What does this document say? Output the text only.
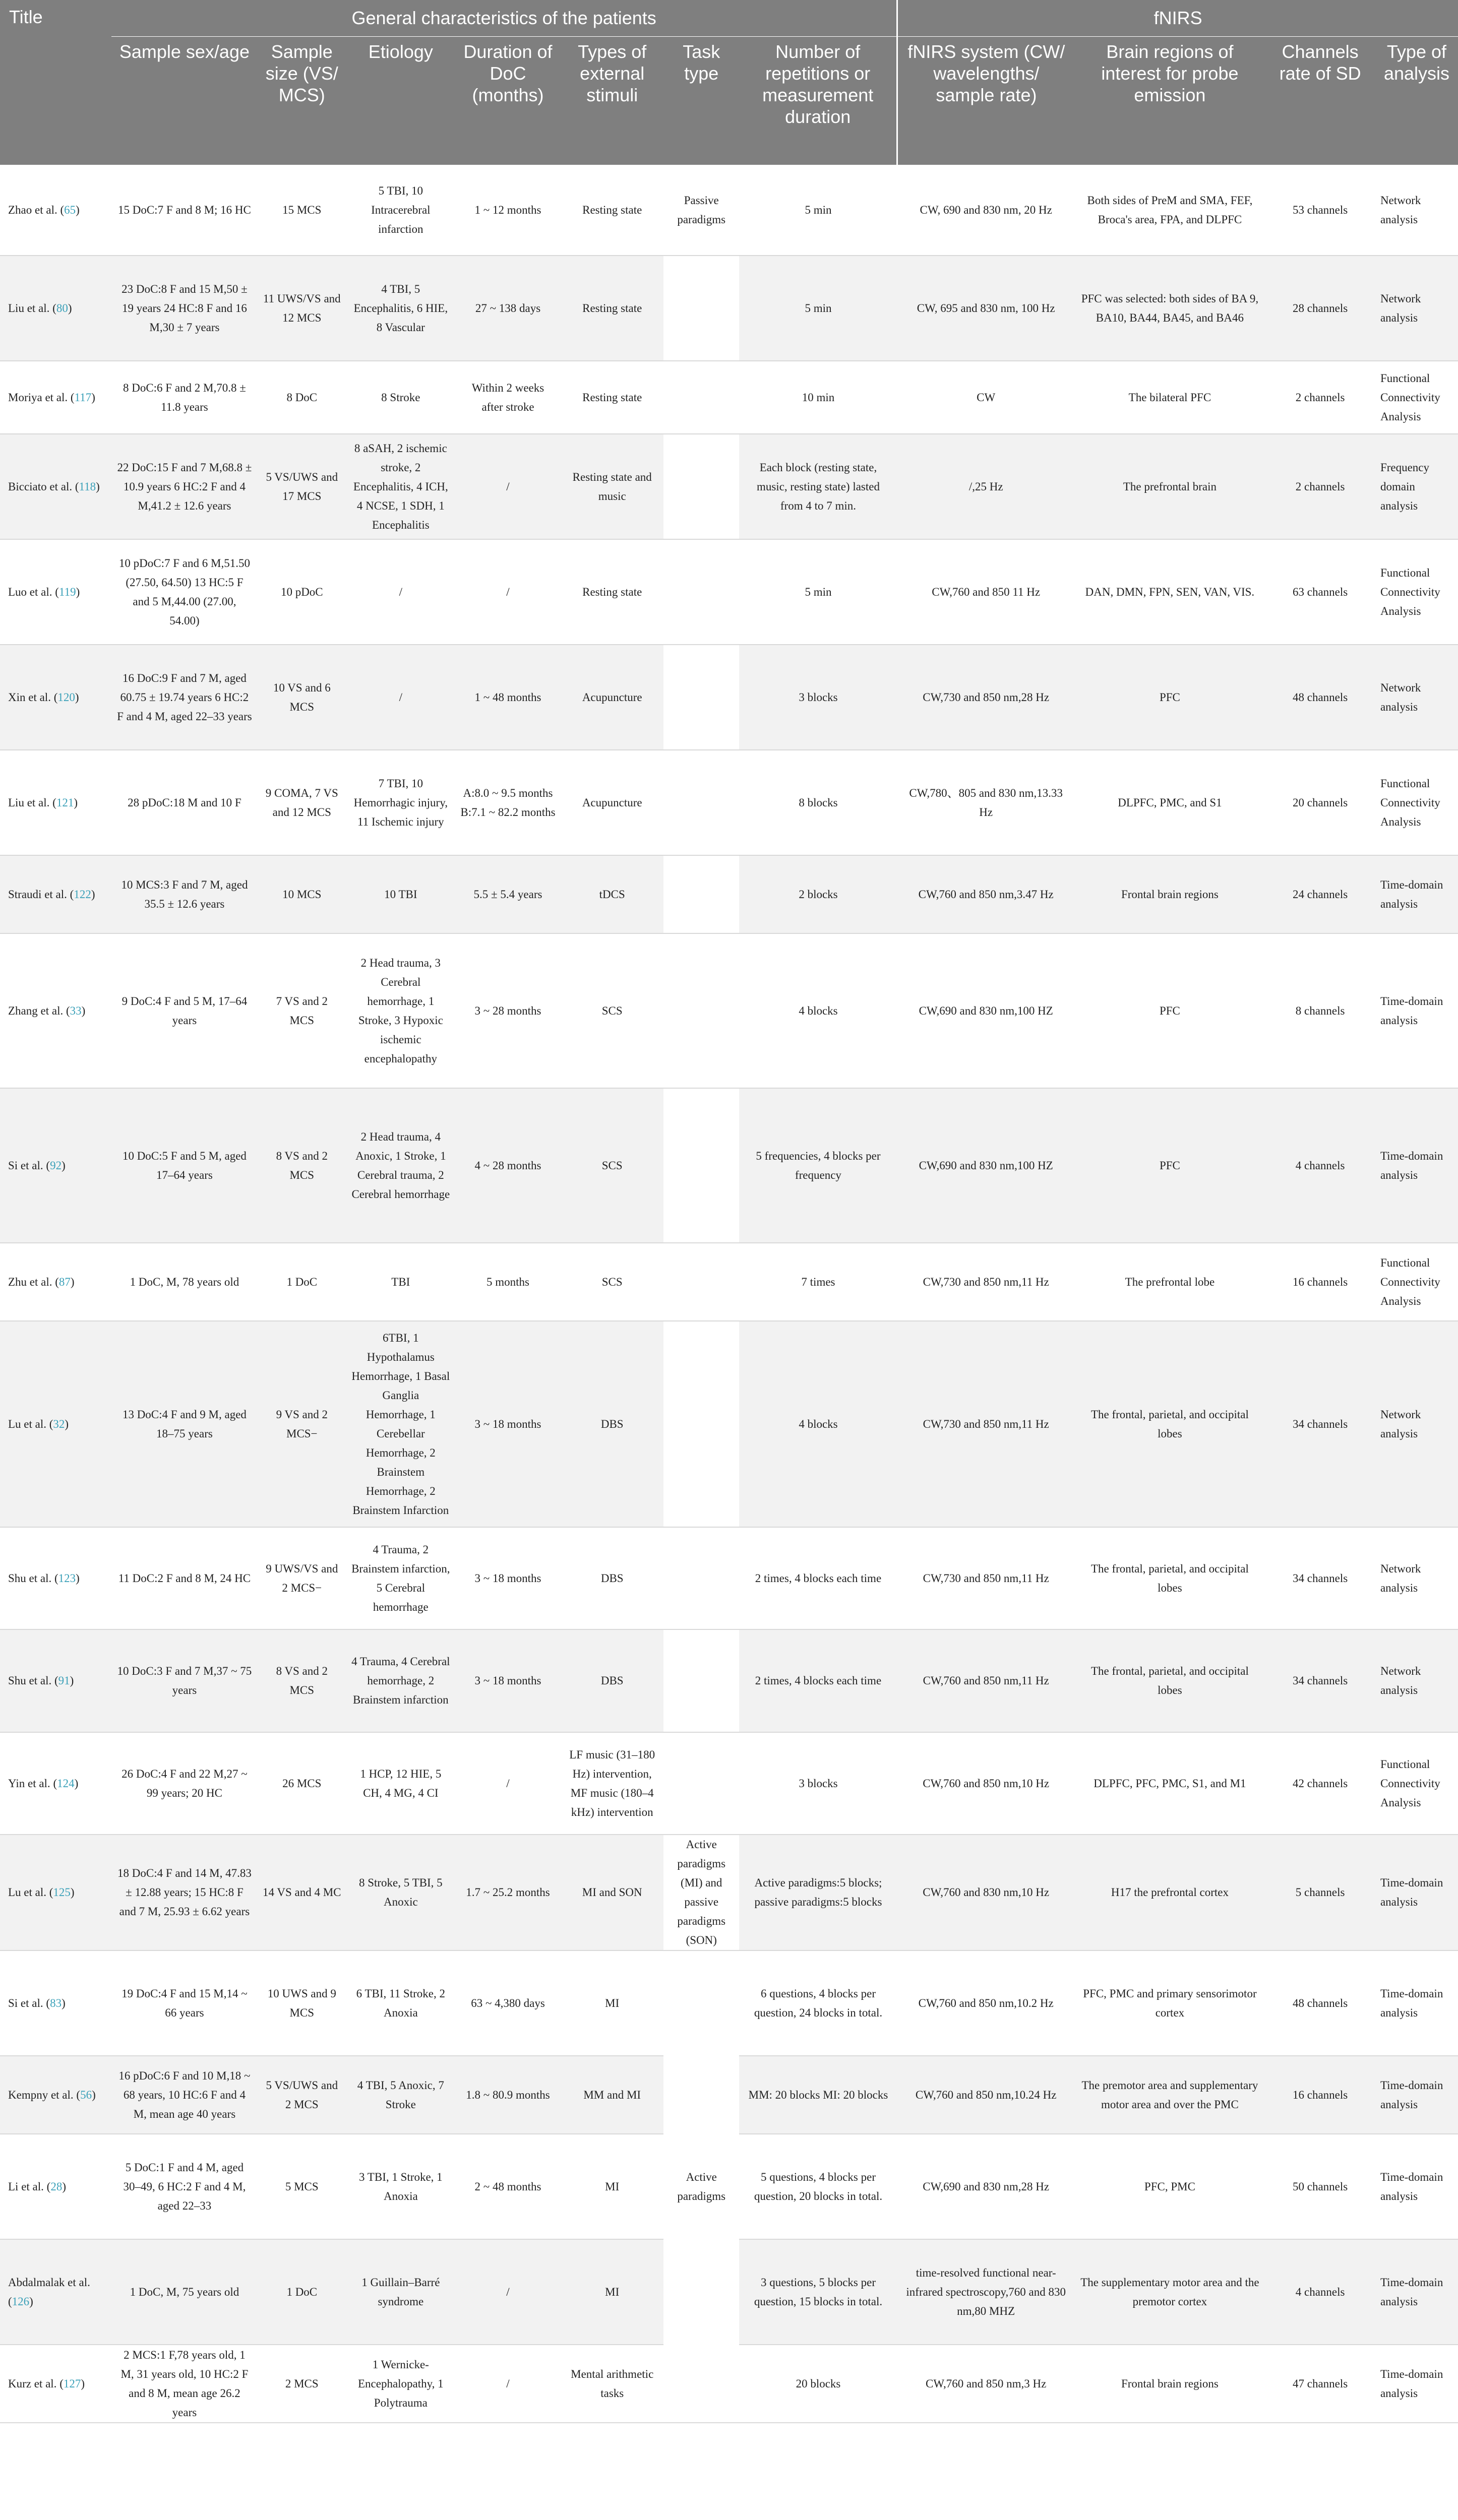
Title	General characteristics of the patients							fNIRS			
	Sample sex/age	Sample size (VS/ MCS)	Etiology	Duration of DoC (months)	Types of external stimuli	Task type	Number of repetitions or measurement duration	fNIRS system (CW/ wavelengths/ sample rate)	Brain regions of interest for probe emission	Channels rate of SD	Type of analysis
Zhao et al. (65)	15 DoC:7 F and 8 M; 16 HC	15 MCS	5 TBI, 10 Intracerebral infarction	1 ~ 12 months	Resting state	Passive paradigms	5 min	CW, 690 and 830 nm, 20 Hz	Both sides of PreM and SMA, FEF, Broca's area, FPA, and DLPFC	53 channels	Network analysis
Liu et al. (80)	23 DoC:8 F and 15 M,50 ± 19 years 24 HC:8 F and 16 M,30 ± 7 years	11 UWS/VS and 12 MCS	4 TBI, 5 Encephalitis, 6 HIE, 8 Vascular	27 ~ 138 days	Resting state		5 min	CW, 695 and 830 nm, 100 Hz	PFC was selected: both sides of BA 9, BA10, BA44, BA45, and BA46	28 channels	Network analysis
Moriya et al. (117)	8 DoC:6 F and 2 M,70.8 ± 11.8 years	8 DoC	8 Stroke	Within 2 weeks after stroke	Resting state		10 min	CW	The bilateral PFC	2 channels	Functional Connectivity Analysis
Bicciato et al. (118)	22 DoC:15 F and 7 M,68.8 ± 10.9 years 6 HC:2 F and 4 M,41.2 ± 12.6 years	5 VS/UWS and 17 MCS	8 aSAH, 2 ischemic stroke, 2 Encephalitis, 4 ICH, 4 NCSE, 1 SDH, 1 Encephalitis	/	Resting state and music		Each block (resting state, music, resting state) lasted from 4 to 7 min.	/,25 Hz	The prefrontal brain	2 channels	Frequency domain analysis
Luo et al. (119)	10 pDoC:7 F and 6 M,51.50 (27.50, 64.50) 13 HC:5 F and 5 M,44.00 (27.00, 54.00)	10 pDoC	/	/	Resting state		5 min	CW,760 and 850 11 Hz	DAN, DMN, FPN, SEN, VAN, VIS.	63 channels	Functional Connectivity Analysis
Xin et al. (120)	16 DoC:9 F and 7 M, aged 60.75 ± 19.74 years 6 HC:2 F and 4 M, aged 22–33 years	10 VS and 6 MCS	/	1 ~ 48 months	Acupuncture		3 blocks	CW,730 and 850 nm,28 Hz	PFC	48 channels	Network analysis
Liu et al. (121)	28 pDoC:18 M and 10 F	9 COMA, 7 VS and 12 MCS	7 TBI, 10 Hemorrhagic injury, 11 Ischemic injury	A:8.0 ~ 9.5 months B:7.1 ~ 82.2 months	Acupuncture		8 blocks	CW,780、805 and 830 nm,13.33 Hz	DLPFC, PMC, and S1	20 channels	Functional Connectivity Analysis
Straudi et al. (122)	10 MCS:3 F and 7 M, aged 35.5 ± 12.6 years	10 MCS	10 TBI	5.5 ± 5.4 years	tDCS		2 blocks	CW,760 and 850 nm,3.47 Hz	Frontal brain regions	24 channels	Time-domain analysis
Zhang et al. (33)	9 DoC:4 F and 5 M, 17–64 years	7 VS and 2 MCS	2 Head trauma, 3 Cerebral hemorrhage, 1 Stroke, 3 Hypoxic ischemic encephalopathy	3 ~ 28 months	SCS		4 blocks	CW,690 and 830 nm,100 HZ	PFC	8 channels	Time-domain analysis
Si et al. (92)	10 DoC:5 F and 5 M, aged 17–64 years	8 VS and 2 MCS	2 Head trauma, 4 Anoxic, 1 Stroke, 1 Cerebral trauma, 2 Cerebral hemorrhage	4 ~ 28 months	SCS		5 frequencies, 4 blocks per frequency	CW,690 and 830 nm,100 HZ	PFC	4 channels	Time-domain analysis
Zhu et al. (87)	1 DoC, M, 78 years old	1 DoC	TBI	5 months	SCS		7 times	CW,730 and 850 nm,11 Hz	The prefrontal lobe	16 channels	Functional Connectivity Analysis
Lu et al. (32)	13 DoC:4 F and 9 M, aged 18–75 years	9 VS and 2 MCS−	6TBI, 1 Hypothalamus Hemorrhage, 1 Basal Ganglia Hemorrhage, 1 Cerebellar Hemorrhage, 2 Brainstem Hemorrhage, 2 Brainstem Infarction	3 ~ 18 months	DBS		4 blocks	CW,730 and 850 nm,11 Hz	The frontal, parietal, and occipital lobes	34 channels	Network analysis
Shu et al. (123)	11 DoC:2 F and 8 M, 24 HC	9 UWS/VS and 2 MCS−	4 Trauma, 2 Brainstem infarction, 5 Cerebral hemorrhage	3 ~ 18 months	DBS		2 times, 4 blocks each time	CW,730 and 850 nm,11 Hz	The frontal, parietal, and occipital lobes	34 channels	Network analysis
Shu et al. (91)	10 DoC:3 F and 7 M,37 ~ 75 years	8 VS and 2 MCS	4 Trauma, 4 Cerebral hemorrhage, 2 Brainstem infarction	3 ~ 18 months	DBS		2 times, 4 blocks each time	CW,760 and 850 nm,11 Hz	The frontal, parietal, and occipital lobes	34 channels	Network analysis
Yin et al. (124)	26 DoC:4 F and 22 M,27 ~ 99 years; 20 HC	26 MCS	1 HCP, 12 HIE, 5 CH, 4 MG, 4 CI	/	LF music (31–180 Hz) intervention, MF music (180–4 kHz) intervention		3 blocks	CW,760 and 850 nm,10 Hz	DLPFC, PFC, PMC, S1, and M1	42 channels	Functional Connectivity Analysis
Lu et al. (125)	18 DoC:4 F and 14 M, 47.83 ± 12.88 years; 15 HC:8 F and 7 M, 25.93 ± 6.62 years	14 VS and 4 MC	8 Stroke, 5 TBI, 5 Anoxic	1.7 ~ 25.2 months	MI and SON	Active paradigms (MI) and passive paradigms (SON)	Active paradigms:5 blocks; passive paradigms:5 blocks	CW,760 and 830 nm,10 Hz	H17 the prefrontal cortex	5 channels	Time-domain analysis
Si et al. (83)	19 DoC:4 F and 15 M,14 ~ 66 years	10 UWS and 9 MCS	6 TBI, 11 Stroke, 2 Anoxia	63 ~ 4,380 days	MI	Active paradigms	6 questions, 4 blocks per question, 24 blocks in total.	CW,760 and 850 nm,10.2 Hz	PFC, PMC and primary sensorimotor cortex	48 channels	Time-domain analysis
Kempny et al. (56)	16 pDoC:6 F and 10 M,18 ~ 68 years, 10 HC:6 F and 4 M, mean age 40 years	5 VS/UWS and 2 MCS	4 TBI, 5 Anoxic, 7 Stroke	1.8 ~ 80.9 months	MM and MI		MM: 20 blocks MI: 20 blocks	CW,760 and 850 nm,10.24 Hz	The premotor area and supplementary motor area and over the PMC	16 channels	Time-domain analysis
Li et al. (28)	5 DoC:1 F and 4 M, aged 30–49, 6 HC:2 F and 4 M, aged 22–33	5 MCS	3 TBI, 1 Stroke, 1 Anoxia	2 ~ 48 months	MI		5 questions, 4 blocks per question, 20 blocks in total.	CW,690 and 830 nm,28 Hz	PFC, PMC	50 channels	Time-domain analysis
Abdalmalak et al. (126)	1 DoC, M, 75 years old	1 DoC	1 Guillain–Barré syndrome	/	MI		3 questions, 5 blocks per question, 15 blocks in total.	time-resolved functional near-infrared spectroscopy,760 and 830 nm,80 MHZ	The supplementary motor area and the premotor cortex	4 channels	Time-domain analysis
Kurz et al. (127)	2 MCS:1 F,78 years old, 1 M, 31 years old, 10 HC:2 F and 8 M, mean age 26.2 years	2 MCS	1 Wernicke-Encephalopathy, 1 Polytrauma	/	Mental arithmetic tasks		20 blocks	CW,760 and 850 nm,3 Hz	Frontal brain regions	47 channels	Time-domain analysis
